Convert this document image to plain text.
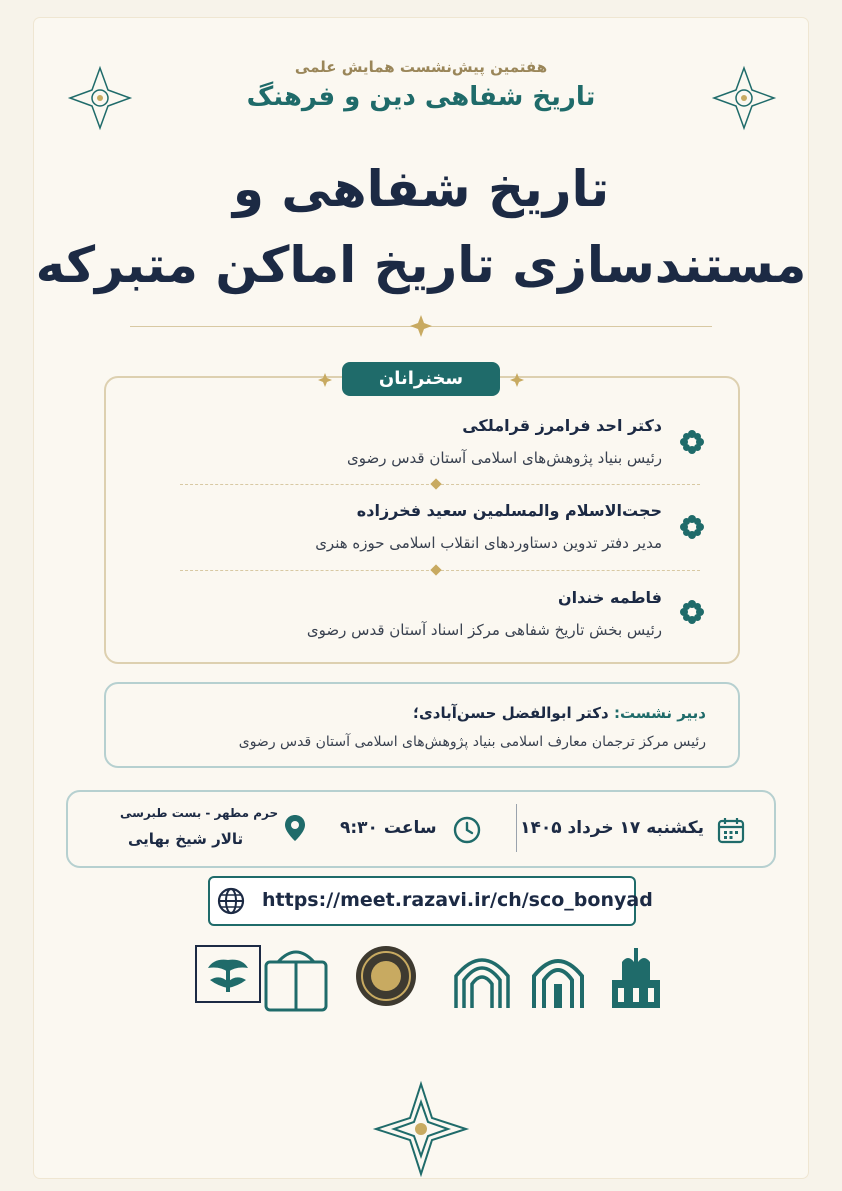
هفتمین پیش‌نشست همایش علمی
تاریخ شفاهی دین و فرهنگ
تاریخ شفاهی و
مستندسازی تاریخ اماکن متبرکه
سخنرانان
دکتر احد فرامرز قراملکی
رئیس بنیاد پژوهش‌های اسلامی آستان قدس رضوی
حجت‌الاسلام والمسلمین سعید فخرزاده
مدیر دفتر تدوین دستاوردهای انقلاب اسلامی حوزه هنری
فاطمه خندان
رئیس بخش تاریخ شفاهی مرکز اسناد آستان قدس رضوی
دبیر نشست: دکتر ابوالفضل حسن‌آبادی؛
رئیس مرکز ترجمان معارف اسلامی بنیاد پژوهش‌های اسلامی آستان قدس رضوی
یکشنبه ۱۷ خرداد ۱۴۰۵
ساعت ۹:۳۰
حرم مطهر - بست طبرسی
تالار شیخ بهایی
https://meet.razavi.ir/ch/sco_bonyad
